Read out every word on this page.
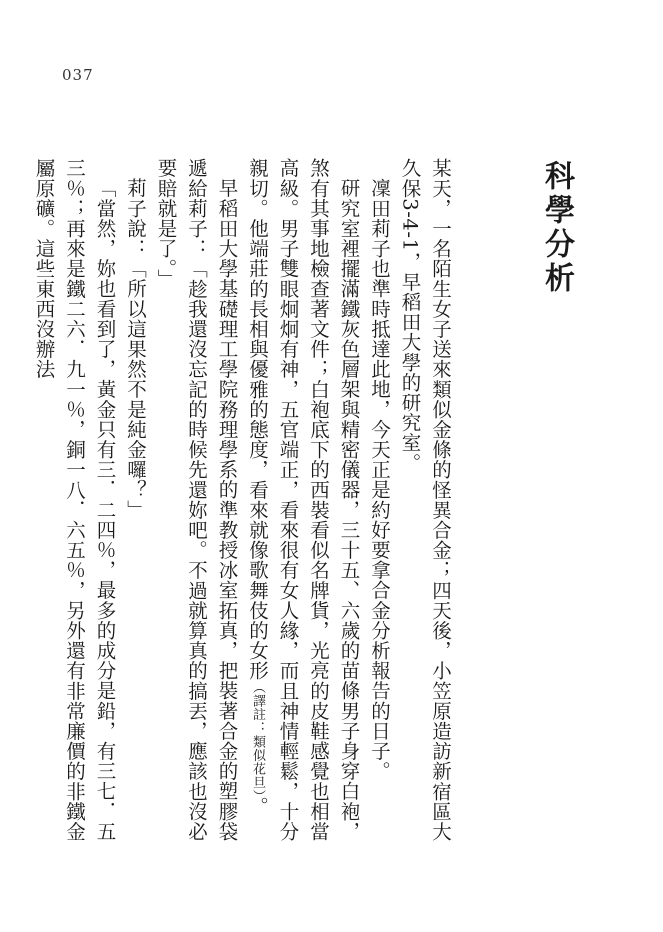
037
科學分析

某天，一名陌生女子送來類似金條的怪異合金；四天後，小笠原造訪新宿區大久保3-4-1，早稻田大學的研究室。

凜田莉子也準時抵達此地，今天正是約好要拿合金分析報告的日子。

研究室裡擺滿鐵灰色層架與精密儀器，三十五、六歲的苗條男子身穿白袍，煞有其事地檢查著文件；白袍底下的西裝看似名牌貨，光亮的皮鞋感覺也相當高級。男子雙眼炯炯有神，五官端正，看來很有女人緣，而且神情輕鬆，十分親切。他端莊的長相與優雅的態度，看來就像歌舞伎的女形（譯註：類似花旦）。

早稻田大學基礎理工學院務理學系的準教授冰室拓真，把裝著合金的塑膠袋遞給莉子：「趁我還沒忘記的時候先還妳吧。不過就算真的搞丟，應該也沒必要賠就是了。」

莉子說：「所以這果然不是純金囉？」

「當然，妳也看到了，黃金只有三．二四％，最多的成分是鉛，有三七．五三％；再來是鐵二六．九一％，銅一八．六五％，另外還有非常廉價的非鐵金屬原礦。這些東西沒辦法
